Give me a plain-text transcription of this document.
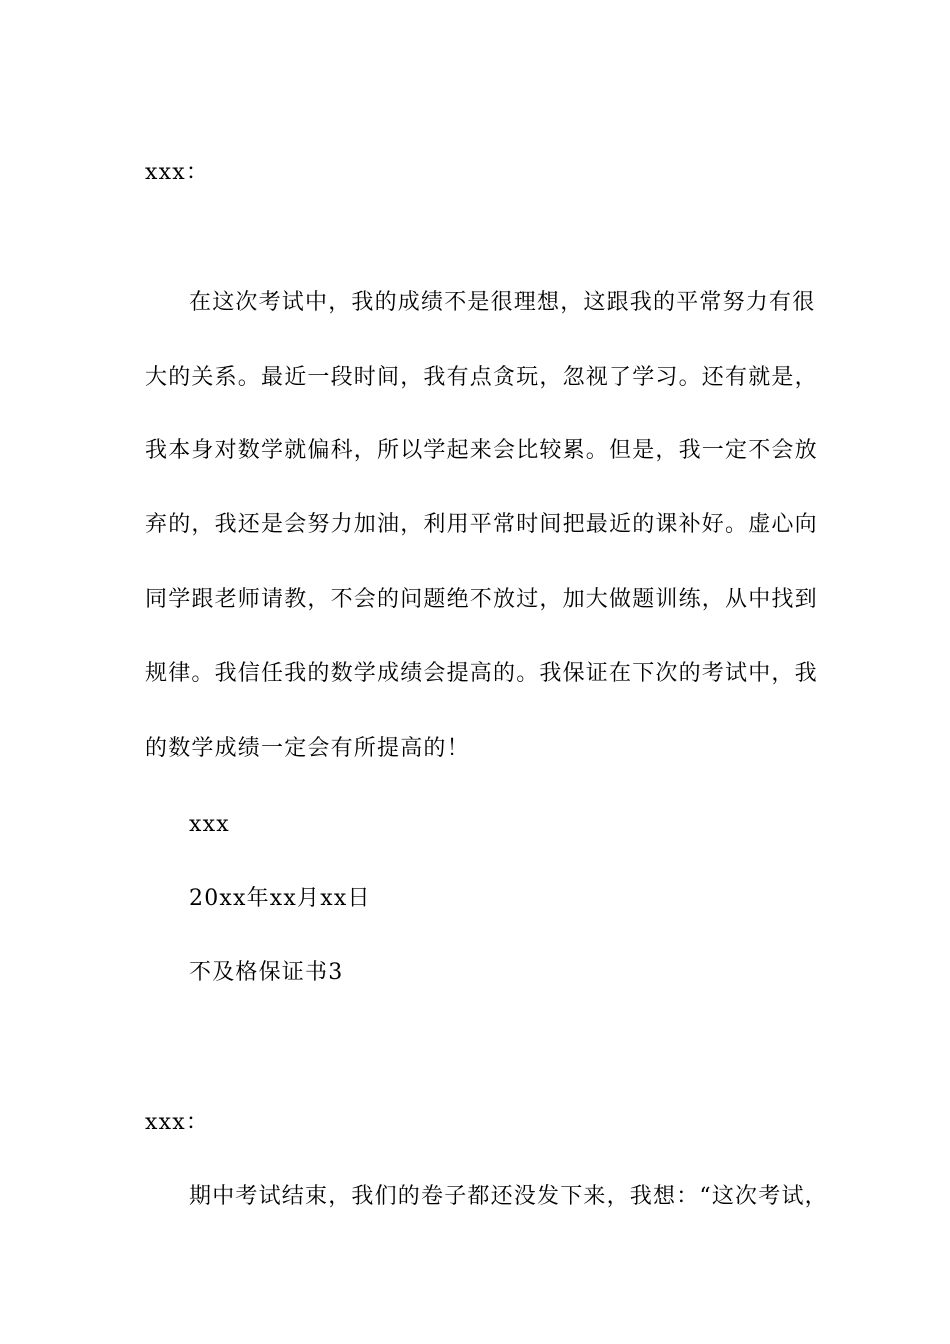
xxx：
在这次考试中，我的成绩不是很理想，这跟我的平常努力有很
大的关系。最近一段时间，我有点贪玩，忽视了学习。还有就是，
我本身对数学就偏科，所以学起来会比较累。但是，我一定不会放
弃的，我还是会努力加油，利用平常时间把最近的课补好。虚心向
同学跟老师请教，不会的问题绝不放过，加大做题训练，从中找到
规律。我信任我的数学成绩会提高的。我保证在下次的考试中，我
的数学成绩一定会有所提高的！
xxx
20xx年xx月xx日
不及格保证书3
xxx：
期中考试结束，我们的卷子都还没发下来，我想：“这次考试，
